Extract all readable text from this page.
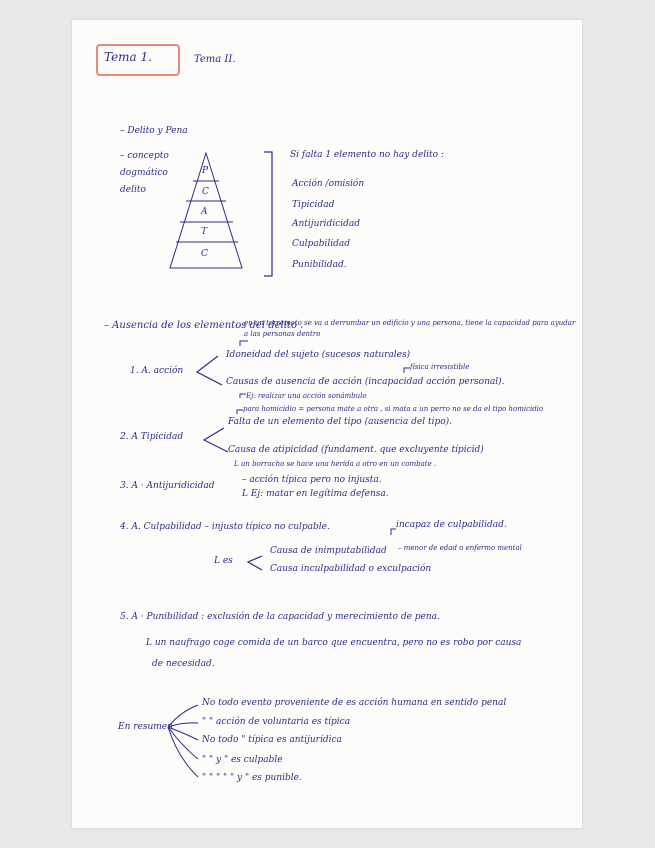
Tema 1.	Tema II.
– Delito y Pena
– concepto
dogmático
delito
P
C
A
T
C
Si falta 1 elemento no hay delito :
Acción /omisión
Tipicidad
Antijuridicidad
Culpabilidad
Punibilidad.
– Ausencia de los elementos del delito .
en un terremoto se va a derrumbar un edificio y una persona, tiene la capacidad para ayudar a las personas dentro
1. A. acción
Idoneidad del sujeto (sucesos naturales)
física irresistible
Causas de ausencia de acción (incapacidad acción personal).
Ej: realizar una acción sonámbulo
para homicidio = persona mate a otra , si mata a un perro no se da el tipo homicidio
2. A Tipicidad
Falta de un elemento del tipo (ausencia del tipo).
Causa de atipicidad (fundament. que excluyente típicid)
L un borracho se hace una herida a otro en un combate .
3. A · Antijuridicidad
– acción típica pero no injusta.
L Ej: matar en legítima defensa.
4. A. Culpabilidad – injusto típico no culpable.	incapaz de culpabilidad.
L es
Causa de inimputabilidad – menor de edad o enfermo mental
Causa inculpabilidad o exculpación
5. A · Punibilidad : exclusión de la capacidad y merecimiento de pena.
L un naufrago coge comida de un barco que encuentra, pero no es robo por causa
de necesidad.
En resumen
No todo evento proveniente de es acción humana en sentido penal
" " acción de voluntaria es típica
No todo " típica es antijurídica
" " y " es culpable
" " " " " y " es punible.
